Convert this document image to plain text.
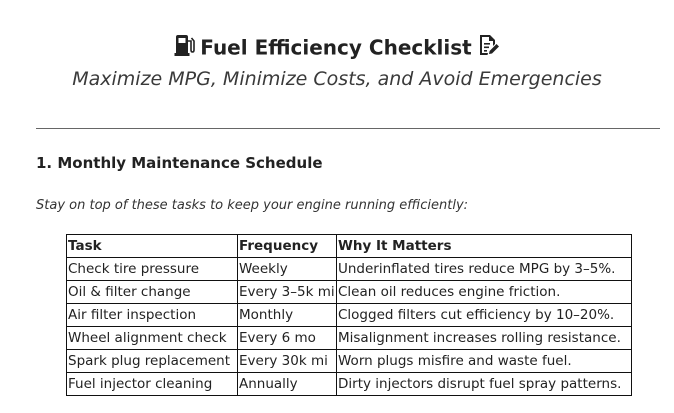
Fuel Efficiency Checklist
Maximize MPG, Minimize Costs, and Avoid Emergencies
1. Monthly Maintenance Schedule
Stay on top of these tasks to keep your engine running efficiently:
Task	Frequency	Why It Matters
Check tire pressure	Weekly	Underinflated tires reduce MPG by 3–5%.
Oil & filter change	Every 3–5k mi	Clean oil reduces engine friction.
Air filter inspection	Monthly	Clogged filters cut efficiency by 10–20%.
Wheel alignment check	Every 6 mo	Misalignment increases rolling resistance.
Spark plug replacement	Every 30k mi	Worn plugs misfire and waste fuel.
Fuel injector cleaning	Annually	Dirty injectors disrupt fuel spray patterns.
